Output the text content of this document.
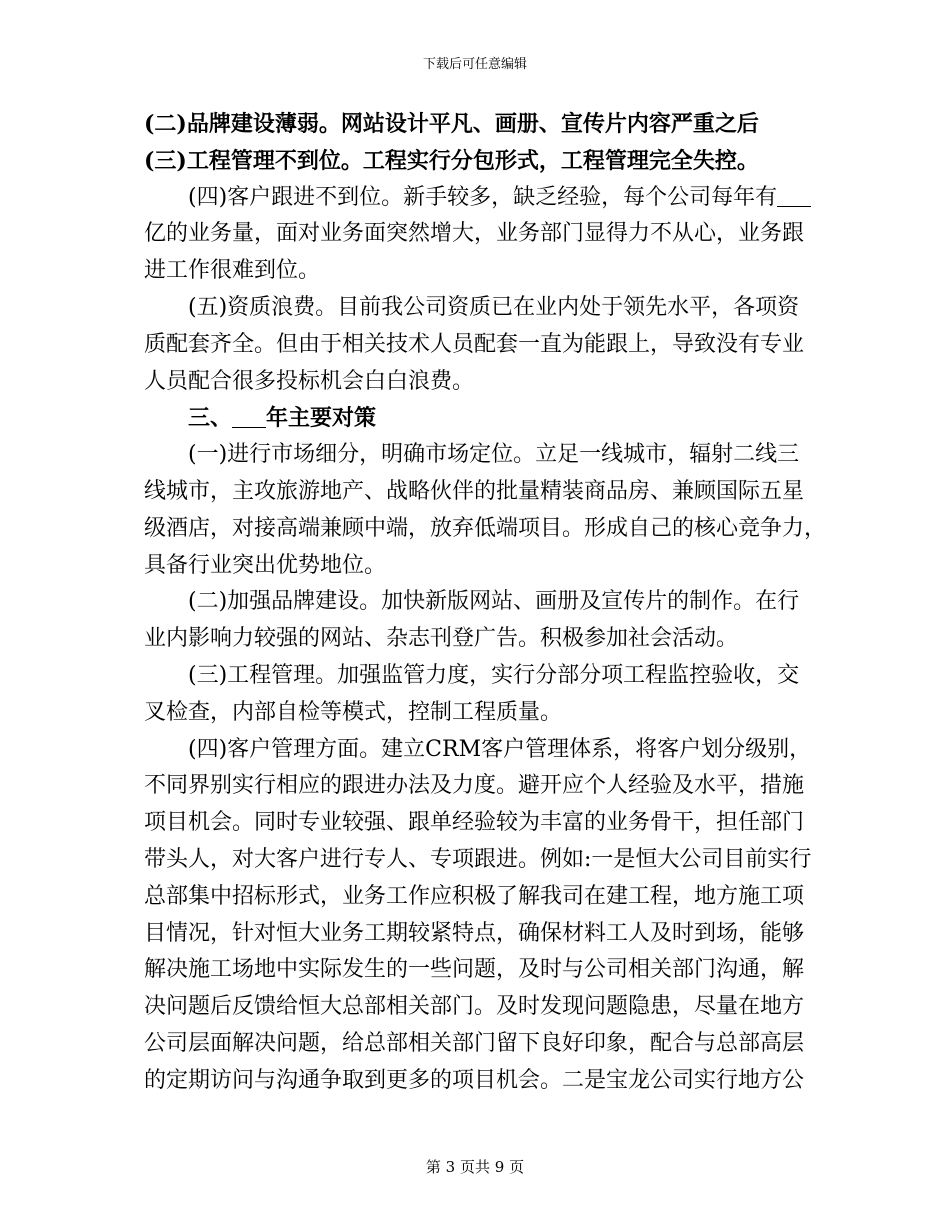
下载后可任意编辑
(二)品牌建设薄弱。网站设计平凡、画册、宣传片内容严重之后
(三)工程管理不到位。工程实行分包形式，工程管理完全失控。
(四)客户跟进不到位。新手较多，缺乏经验，每个公司每年有
亿的业务量，面对业务面突然增大，业务部门显得力不从心，业务跟
进工作很难到位。
(五)资质浪费。目前我公司资质已在业内处于领先水平，各项资
质配套齐全。但由于相关技术人员配套一直为能跟上，导致没有专业
人员配合很多投标机会白白浪费。
三、 年主要对策
(一)进行市场细分，明确市场定位。立足一线城市，辐射二线三
线城市，主攻旅游地产、战略伙伴的批量精装商品房、兼顾国际五星
级酒店，对接高端兼顾中端，放弃低端项目。形成自己的核心竞争力，
具备行业突出优势地位。
(二)加强品牌建设。加快新版网站、画册及宣传片的制作。在行
业内影响力较强的网站、杂志刊登广告。积极参加社会活动。
(三)工程管理。加强监管力度，实行分部分项工程监控验收，交
叉检查，内部自检等模式，控制工程质量。
(四)客户管理方面。建立CRM客户管理体系，将客户划分级别，
不同界别实行相应的跟进办法及力度。避开应个人经验及水平，措施
项目机会。同时专业较强、跟单经验较为丰富的业务骨干，担任部门
带头人，对大客户进行专人、专项跟进。例如:一是恒大公司目前实行
总部集中招标形式，业务工作应积极了解我司在建工程，地方施工项
目情况，针对恒大业务工期较紧特点，确保材料工人及时到场，能够
解决施工场地中实际发生的一些问题，及时与公司相关部门沟通，解
决问题后反馈给恒大总部相关部门。及时发现问题隐患，尽量在地方
公司层面解决问题，给总部相关部门留下良好印象，配合与总部高层
的定期访问与沟通争取到更多的项目机会。二是宝龙公司实行地方公
第 3 页共 9 页
